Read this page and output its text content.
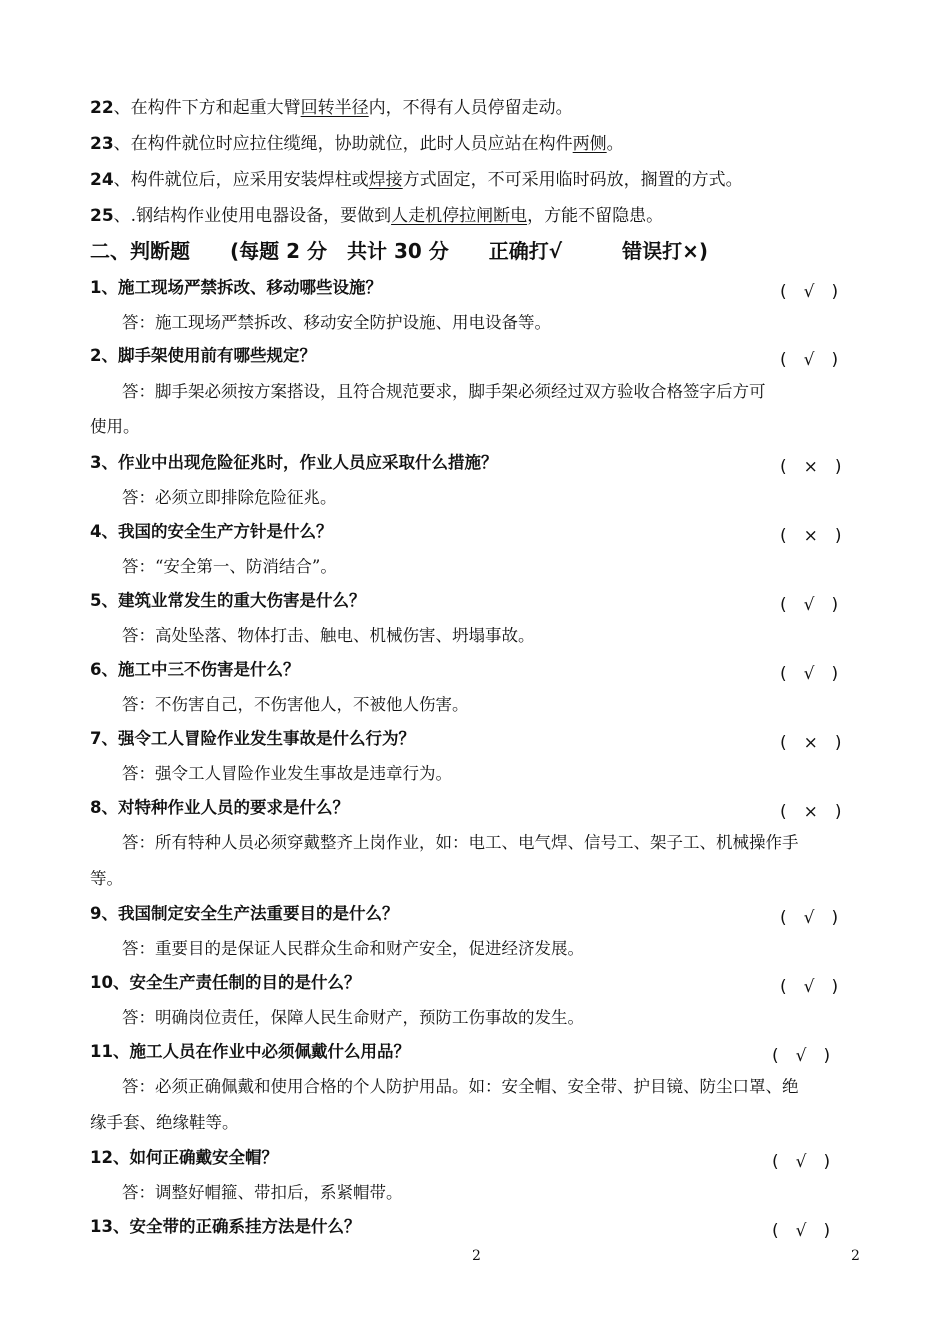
22、在构件下方和起重大臂回转半径内，不得有人员停留走动。
23、在构件就位时应拉住缆绳，协助就位，此时人员应站在构件两侧。
24、构件就位后，应采用安装焊柱或焊接方式固定，不可采用临时码放，搁置的方式。
25、.钢结构作业使用电器设备，要做到人走机停拉闸断电，方能不留隐患。
二、判断题　　(每题 2 分　共计 30 分　　正确打√　　　错误打×)
1、施工现场严禁拆改、移动哪些设施？	(　√　)
答：施工现场严禁拆改、移动安全防护设施、用电设备等。
2、脚手架使用前有哪些规定？	(　√　)
答：脚手架必须按方案搭设，且符合规范要求，脚手架必须经过双方验收合格签字后方可
使用。
3、作业中出现危险征兆时，作业人员应采取什么措施？	(　×　)
答：必须立即排除危险征兆。
4、我国的安全生产方针是什么？	(　×　)
答：“安全第一、防消结合”。
5、建筑业常发生的重大伤害是什么？	(　√　)
答：高处坠落、物体打击、触电、机械伤害、坍塌事故。
6、施工中三不伤害是什么？	(　√　)
答：不伤害自己，不伤害他人，不被他人伤害。
7、强令工人冒险作业发生事故是什么行为？	(　×　)
答：强令工人冒险作业发生事故是违章行为。
8、对特种作业人员的要求是什么？	(　×　)
答：所有特种人员必须穿戴整齐上岗作业，如：电工、电气焊、信号工、架子工、机械操作手
等。
9、我国制定安全生产法重要目的是什么？	(　√　)
答：重要目的是保证人民群众生命和财产安全，促进经济发展。
10、安全生产责任制的目的是什么？	(　√　)
答：明确岗位责任，保障人民生命财产，预防工伤事故的发生。
11、施工人员在作业中必须佩戴什么用品？	(　√　)
答：必须正确佩戴和使用合格的个人防护用品。如：安全帽、安全带、护目镜、防尘口罩、绝
缘手套、绝缘鞋等。
12、如何正确戴安全帽？	(　√　)
答：调整好帽箍、带扣后，系紧帽带。
13、安全带的正确系挂方法是什么？	(　√　)
2	2
